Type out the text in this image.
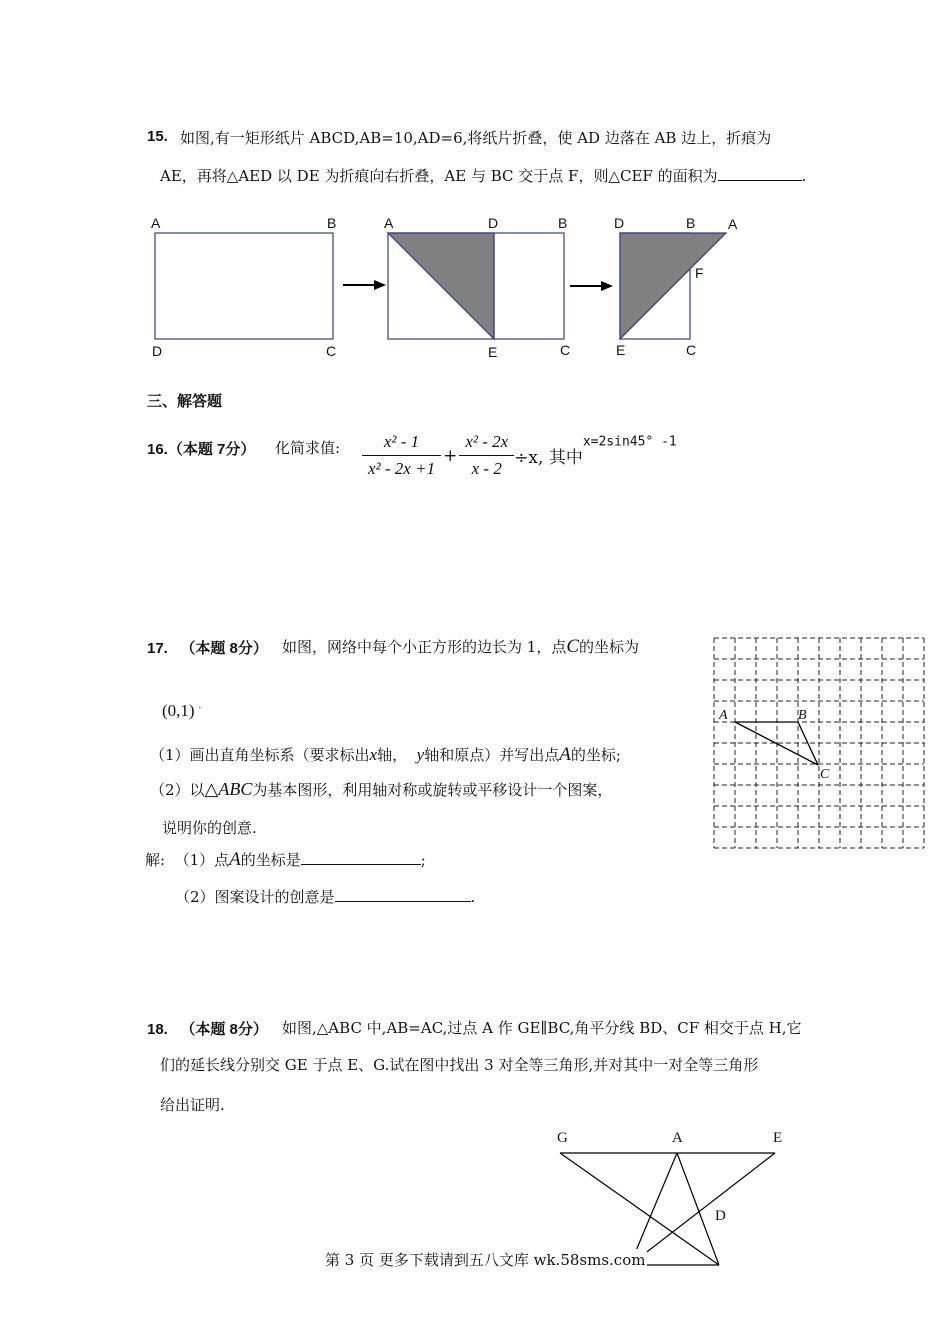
15. 如图,有一矩形纸片 ABCD,AB=10,AD=6,将纸片折叠，使 AD 边落在 AB 边上，折痕为
AE，再将△AED 以 DE 为折痕向右折叠，AE 与 BC 交于点 F，则△CEF 的面积为	.
A	B
D	C
A	D	B
E	C
D	B A
F
E	C
三、解答题
16.（本题 7分） 化简求值: $\frac{\text{x² - 1}}{\text{x² - 2x +1}} + \frac{\text{x² - 2x}}{x - 2} \div x$, 其中x=2sin45° -1
17. （本题 8分） 如图，网络中每个小正方形的边长为 1，点C的坐标为
(0,1) .
（1）画出直角坐标系（要求标出x轴， y轴和原点）并写出点A的坐标;
（2）以△ABC为基本图形，利用轴对称或旋转或平移设计一个图案，
说明你的创意.
解: （1）点A的坐标是	;
（2）图案设计的创意是	.
A	B
C
18. （本题 8分） 如图,△ABC 中,AB=AC,过点 A 作 GE∥BC,角平分线 BD、CF 相交于点 H,它
们的延长线分别交 GE 于点 E、G.试在图中找出 3 对全等三角形,并对其中一对全等三角形
给出证明.
G	A	E
D
第 3 页 更多下载请到五八文库 wk.58sms.com
